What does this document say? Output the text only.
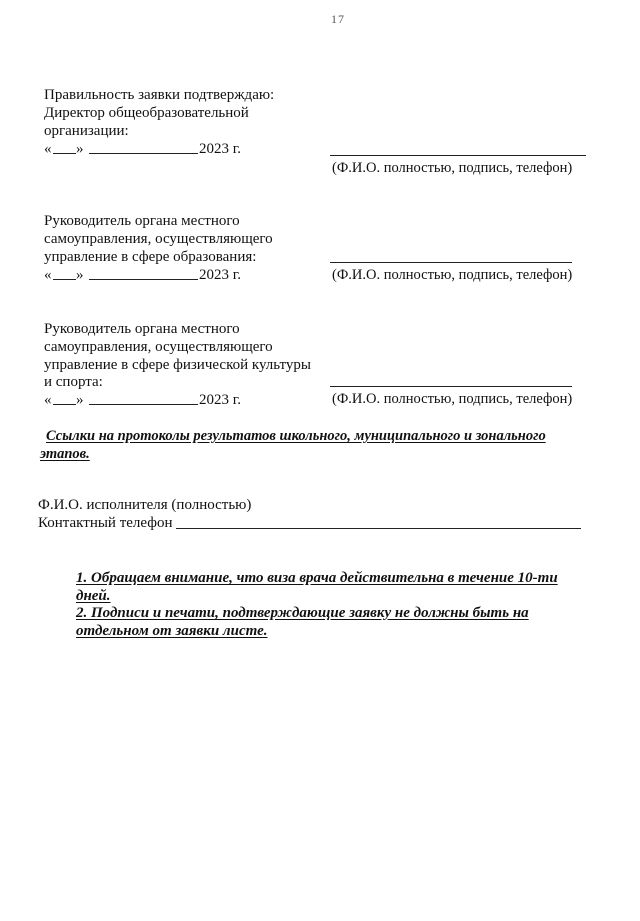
17
Правильность заявки подтверждаю:
Директор общеобразовательной
организации:
« »	2023 г.
(Ф.И.О. полностью, подпись, телефон)
Руководитель органа местного
самоуправления, осуществляющего
управление в сфере образования:
« »	2023 г.	(Ф.И.О. полностью, подпись, телефон)
Руководитель органа местного
самоуправления, осуществляющего
управление в сфере физической культуры
и спорта:
« »	2023 г.	(Ф.И.О. полностью, подпись, телефон)
Ссылки на протоколы результатов школьного, муниципального и зонального
этапов.
Ф.И.О. исполнителя (полностью)
Контактный телефон
1. Обращаем внимание, что виза врача действительна в течение 10-ти
дней.
2. Подписи и печати, подтверждающие заявку не должны быть на
отдельном от заявки листе.
